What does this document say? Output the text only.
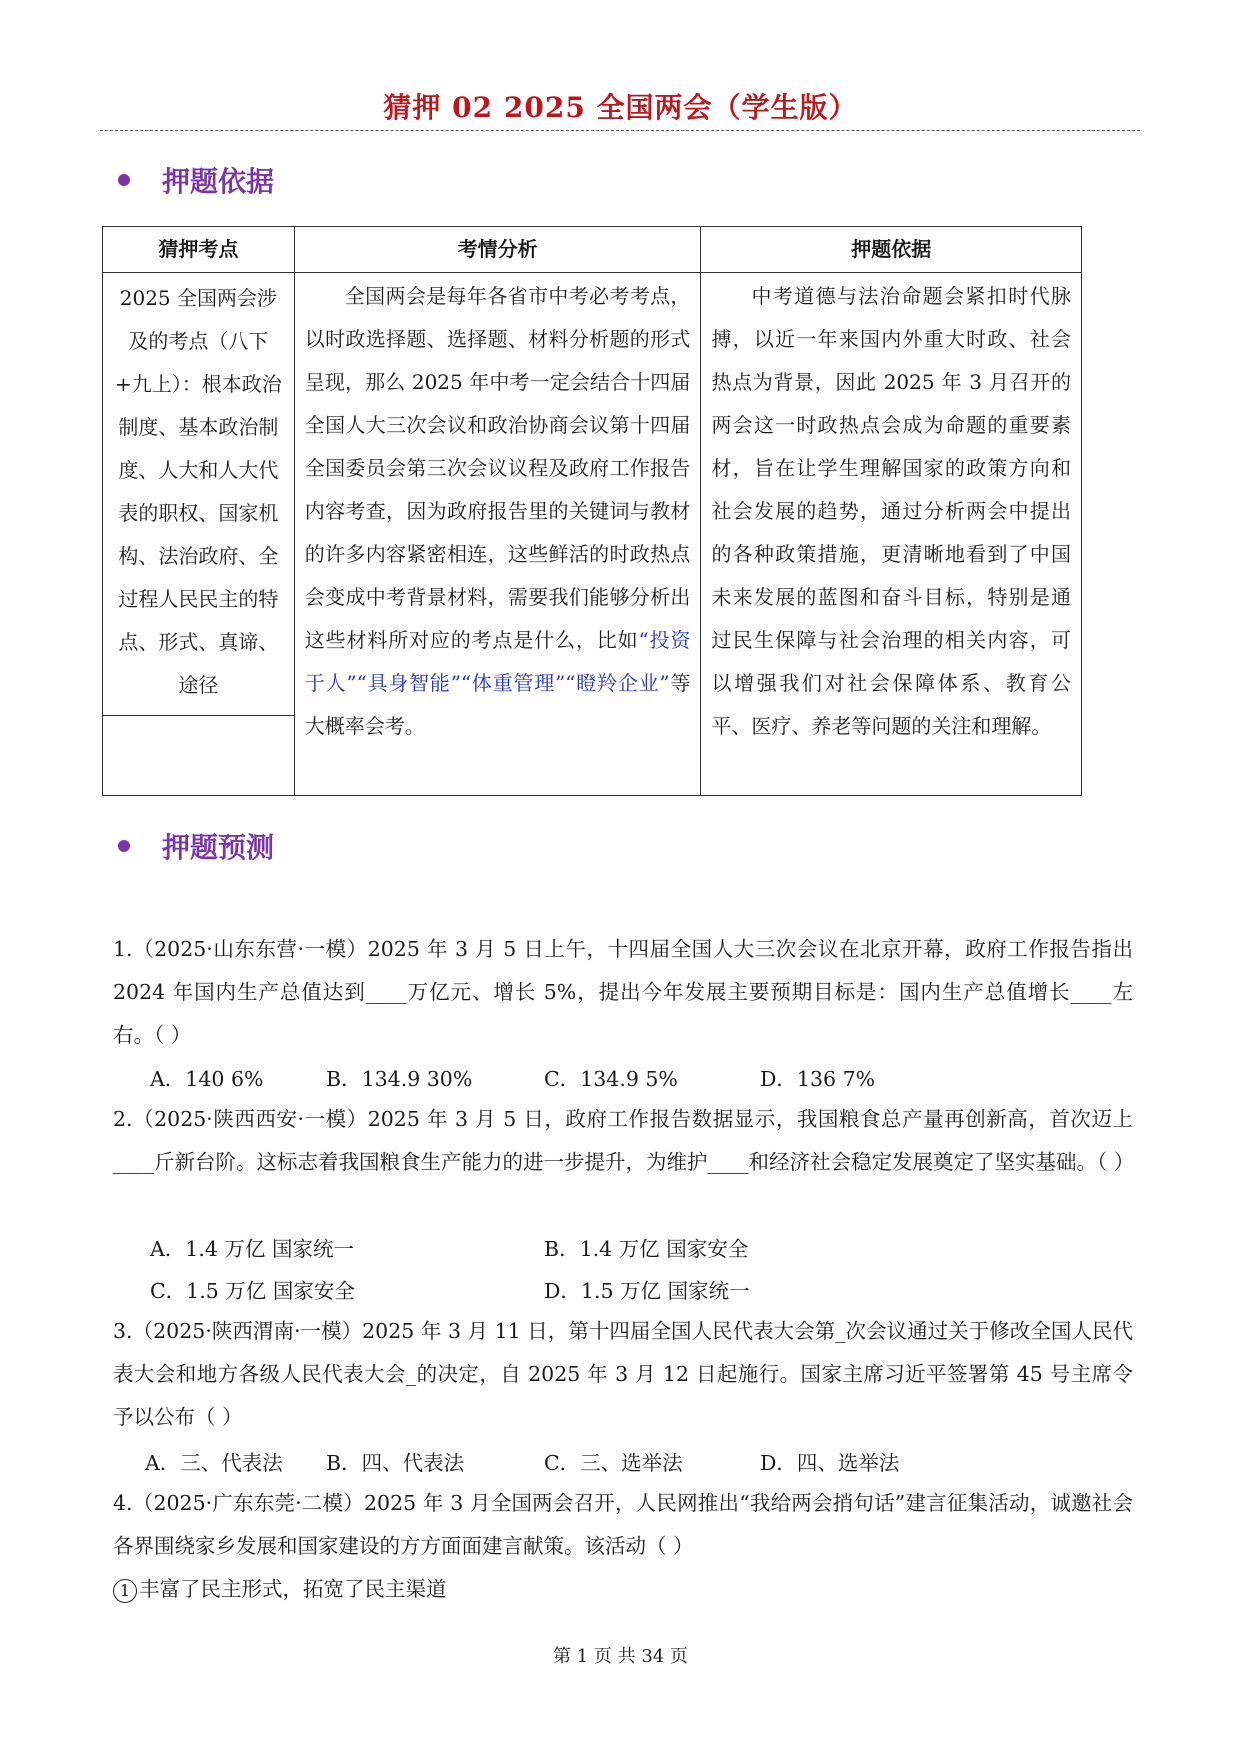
猜押 02 2025 全国两会（学生版）
押题依据
猜押考点	考情分析	押题依据

2025 全国两会涉及的考点（八下+九上）：根本政治制度、基本政治制度、人大和人大代表的职权、国家机构、法治政府、全过程人民民主的特点、形式、真谛、途径	全国两会是每年各省市中考必考考点，以时政选择题、选择题、材料分析题的形式呈现，那么 2025 年中考一定会结合十四届全国人大三次会议和政治协商会议第十四届全国委员会第三次会议议程及政府工作报告内容考查，因为政府报告里的关键词与教材的许多内容紧密相连，这些鲜活的时政热点会变成中考背景材料，需要我们能够分析出这些材料所对应的考点是什么，比如“投资于人”“具身智能”“体重管理”“瞪羚企业”等大概率会考。	中考道德与法治命题会紧扣时代脉搏，以近一年来国内外重大时政、社会热点为背景，因此 2025 年 3 月召开的两会这一时政热点会成为命题的重要素材，旨在让学生理解国家的政策方向和社会发展的趋势，通过分析两会中提出的各种政策措施，更清晰地看到了中国未来发展的蓝图和奋斗目标，特别是通过民生保障与社会治理的相关内容，可以增强我们对社会保障体系、教育公平、医疗、养老等问题的关注和理解。
押题预测
1.（2025·山东东营·一模）2025 年 3 月 5 日上午，十四届全国人大三次会议在北京开幕，政府工作报告指出 2024 年国内生产总值达到____万亿元、增长 5%，提出今年发展主要预期目标是：国内生产总值增长____左右。（ ）
A．140 6%	B．134.9 30%	C．134.9 5%	D．136 7%
2.（2025·陕西西安·一模）2025 年 3 月 5 日，政府工作报告数据显示，我国粮食总产量再创新高，首次迈上____斤新台阶。这标志着我国粮食生产能力的进一步提升，为维护____和经济社会稳定发展奠定了坚实基础。（ ）
A．1.4 万亿 国家统一	B．1.4 万亿 国家安全
C．1.5 万亿 国家安全	D．1.5 万亿 国家统一
3.（2025·陕西渭南·一模）2025 年 3 月 11 日，第十四届全国人民代表大会第_次会议通过关于修改全国人民代表大会和地方各级人民代表大会_的决定，自 2025 年 3 月 12 日起施行。国家主席习近平签署第 45 号主席令予以公布（ ）
A．三、代表法 B．四、代表法	C．三、选举法	D．四、选举法
4.（2025·广东东莞·二模）2025 年 3 月全国两会召开，人民网推出“我给两会捎句话”建言征集活动，诚邀社会各界围绕家乡发展和国家建设的方方面面建言献策。该活动（ ）
1 丰富了民主形式，拓宽了民主渠道
第 1 页 共 34 页
